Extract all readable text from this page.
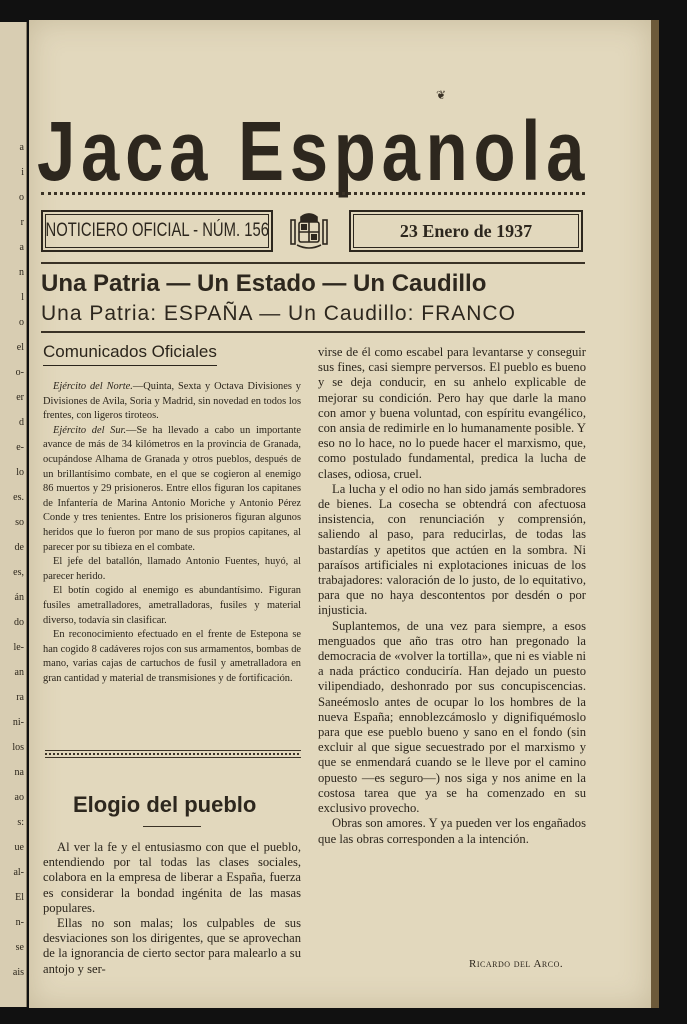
a
i
o
r
a
n
l
o
el
o-
er
d
e-
lo
es.
so
de
es,
án
do
le-
an
ra
ni-
los
na
ao
s:
ue
al-
El
n-
se
ais
❦
Jaca Espanola
NOTICIERO OFICIAL - NÚM. 156	23 Enero de 1937
Una Patria — Un Estado — Un Caudillo
Una Patria: ESPAÑA — Un Caudillo: FRANCO
Comunicados Oficiales

Ejército del Norte.—Quinta, Sexta y Octava Divisiones y Divisiones de Avila, Soria y Madrid, sin novedad en todos los frentes, con ligeros tiroteos.

Ejército del Sur.—Se ha llevado a cabo un importante avance de más de 34 kilómetros en la provincia de Granada, ocupándose Alhama de Granada y otros pueblos, después de un brillantísimo combate, en el que se cogieron al enemigo 86 muertos y 29 prisioneros. Entre ellos figuran los capitanes de Infantería de Marina Antonio Moriche y Antonio Pérez Conde y tres tenientes. Entre los prisioneros figuran algunos heridos que lo fueron por mano de sus propios capitanes, al parecer por su tibieza en el combate.

El jefe del batallón, llamado Antonio Fuentes, huyó, al parecer herido.

El botín cogido al enemigo es abundantísimo. Figuran fusiles ametralladores, ametralladoras, fusiles y material diverso, todavía sin clasificar.

En reconocimiento efectuado en el frente de Estepona se han cogido 8 cadáveres rojos con sus armamentos, bombas de mano, varias cajas de cartuchos de fusil y ametralladora en gran cantidad y material de transmisiones y de fortificación.

Elogio del pueblo

Al ver la fe y el entusiasmo con que el pueblo, entendiendo por tal todas las clases sociales, colabora en la empresa de liberar a España, fuerza es considerar la bondad ingénita de las masas populares.

Ellas no son malas; los culpables de sus desviaciones son los dirigentes, que se aprovechan de la ignorancia de cierto sector para malearlo a su antojo y ser-

virse de él como escabel para levantarse y conseguir sus fines, casi siempre perversos. El pueblo es bueno y se deja conducir, en su anhelo explicable de mejorar su condición. Pero hay que darle la mano con amor y buena voluntad, con espíritu evangélico, con ansia de redimirle en lo humanamente posible. Y eso no lo hace, no lo puede hacer el marxismo, que, como postulado fundamental, predica la lucha de clases, odiosa, cruel.

La lucha y el odio no han sido jamás sembradores de bienes. La cosecha se obtendrá con afectuosa insistencia, con renunciación y comprensión, saliendo al paso, para reducirlas, de todas las bastardías y apetitos que actúen en la sombra. Ni paraísos artificiales ni explotaciones inicuas de los trabajadores: valoración de lo justo, de lo equitativo, para que no haya descontentos por desdén o por injusticia.

Suplantemos, de una vez para siempre, a esos menguados que año tras otro han pregonado la democracia de «volver la tortilla», que ni es viable ni a nada práctico conduciría. Han dejado un puesto vilipendiado, deshonrado por sus concupiscencias. Saneémoslo antes de ocupar lo los hombres de la nueva España; ennoblezcámoslo y dignifiquémoslo para que ese pueblo bueno y sano en el fondo (sin excluir al que sigue secuestrado por el marxismo y que se enmendará cuando se le lleve por el camino opuesto —es seguro—) nos siga y nos anime en la costosa tarea que ya se ha comenzado en su exclusivo provecho.

Obras son amores. Y ya pueden ver los engañados que las obras corresponden a la intención.

Ricardo del Arco.
